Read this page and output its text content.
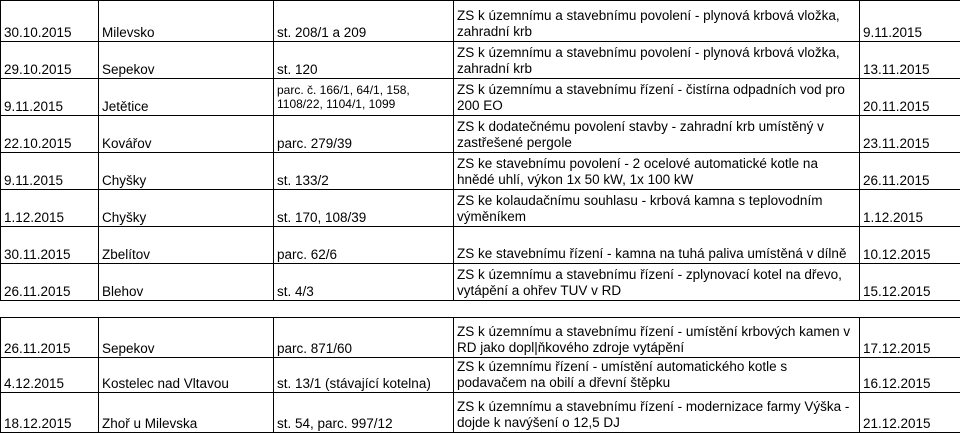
30.10.2015	Milevsko	st. 208/1 a 209	ZS k územnímu a stavebnímu povolení - plynová krbová vložka, zahradní krb	9.11.2015
29.10.2015	Sepekov	st. 120	ZS k územnímu a stavebnímu povolení - plynová krbová vložka, zahradní krb	13.11.2015
9.11.2015	Jetětice	parc. č. 166/1, 64/1, 158, 1108/22, 1104/1, 1099	ZS k územnímu a stavebnímu řízení - čistírna odpadních vod pro 200 EO	20.11.2015
22.10.2015	Kovářov	parc. 279/39	ZS k dodatečnému povolení stavby - zahradní krb umístěný v zastřešené pergole	23.11.2015
9.11.2015	Chyšky	st. 133/2	ZS ke stavebnímu povolení - 2 ocelové automatické kotle na hnědé uhlí, výkon 1x 50 kW, 1x 100 kW	26.11.2015
1.12.2015	Chyšky	st. 170, 108/39	ZS ke kolaudačnímu souhlasu - krbová kamna s teplovodním výměníkem	1.12.2015
30.11.2015	Zbelítov	parc. 62/6	ZS ke stavebnímu řízení - kamna na tuhá paliva umístěná v dílně	10.12.2015
26.11.2015	Blehov	st. 4/3	ZS k územnímu a stavebnímu řízení - zplynovací kotel na dřevo, vytápění a ohřev TUV v RD	15.12.2015

26.11.2015	Sepekov	parc. 871/60	ZS k územnímu a stavebnímu řízení - umístění krbových kamen v RD jako dopl|ňkového zdroje vytápění	17.12.2015
4.12.2015	Kostelec nad Vltavou	st. 13/1 (stávající kotelna)	ZS k územnímu řízení - umístění automatického kotle s podavačem na obilí a dřevní štěpku	16.12.2015
18.12.2015	Zhoř u Milevska	st. 54, parc. 997/12	ZS k územnímu a stavebnímu řízení - modernizace farmy Výška - dojde k navýšení o 12,5 DJ	21.12.2015
